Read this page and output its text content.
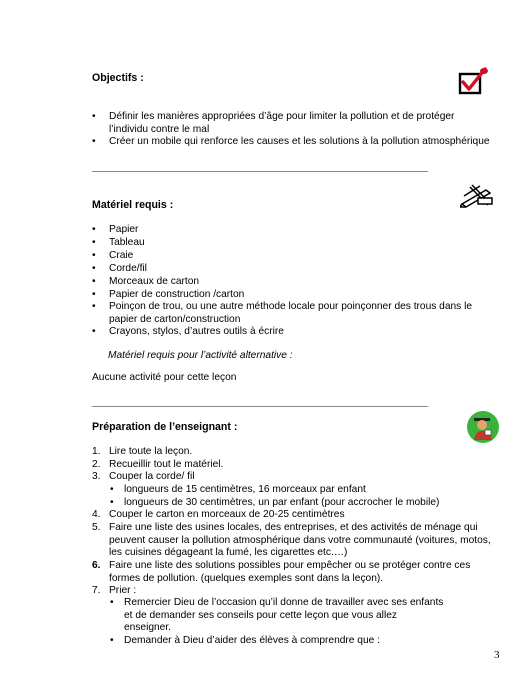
Objectifs :
• Définir les manières appropriées d’âge pour limiter la pollution et de protéger
l’individu contre le mal
• Créer un mobile qui renforce les causes et les solutions à la pollution atmosphérique
Matériel requis :
• Papier
• Tableau
• Craie
• Corde/fil
• Morceaux de carton
• Papier de construction /carton
• Poinçon de trou, ou une autre méthode locale pour poinçonner des trous dans le
papier de carton/construction
• Crayons, stylos, d’autres outils à écrire
Matériel requis pour l’activité alternative :
Aucune activité pour cette leçon
Préparation de l’enseignant :
1. Lire toute la leçon.
2. Recueillir tout le matériel.
3. Couper la corde/ fil
• longueurs de 15 centimètres, 16 morceaux par enfant
• longueurs de 30 centimètres, un par enfant (pour accrocher le mobile)
4. Couper le carton en morceaux de 20-25 centimètres
5. Faire une liste des usines locales, des entreprises, et des activités de ménage qui
peuvent causer la pollution atmosphérique dans votre communauté (voitures, motos,
les cuisines dégageant la fumé, les cigarettes etc.…)
6. Faire une liste des solutions possibles pour empêcher ou se protéger contre ces
formes de pollution. (quelques exemples sont dans la leçon).
7. Prier :
• Remercier Dieu de l’occasion qu’il donne de travailler avec ses enfants
et de demander ses conseils pour cette leçon que vous allez
enseigner.
• Demander à Dieu d’aider des élèves à comprendre que :
3
